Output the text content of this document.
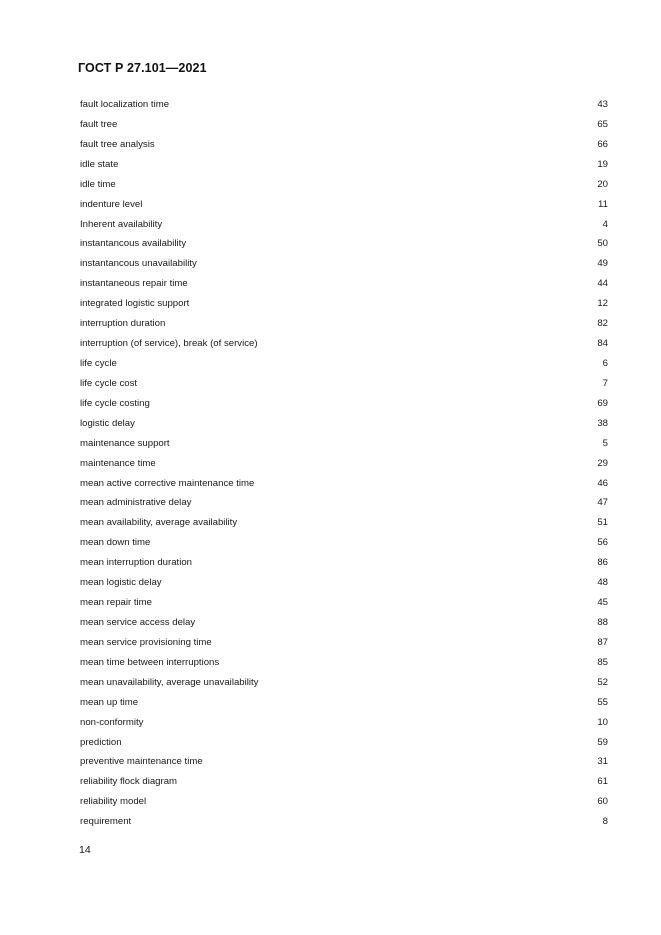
ГОСТ Р 27.101—2021
fault localization time	43
fault tree	65
fault tree analysis	66
idle state	19
idle time	20
indenture level	11
Inherent availability	4
instantancous availability	50
instantancous unavailability	49
instantaneous repair time	44
integrated logistic support	12
interruption duration	82
interruption (of service), break (of service)	84
life cycle	6
life cycle cost	7
life cycle costing	69
logistic delay	38
maintenance support	5
maintenance time	29
mean active corrective maintenance time	46
mean administrative delay	47
mean availability, average availability	51
mean down time	56
mean interruption duration	86
mean logistic delay	48
mean repair time	45
mean service access delay	88
mean service provisioning time	87
mean time between interruptions	85
mean unavailability, average unavailability	52
mean up time	55
non-conformity	10
prediction	59
preventive maintenance time	31
reliability flock diagram	61
reliability model	60
requirement	8
14
